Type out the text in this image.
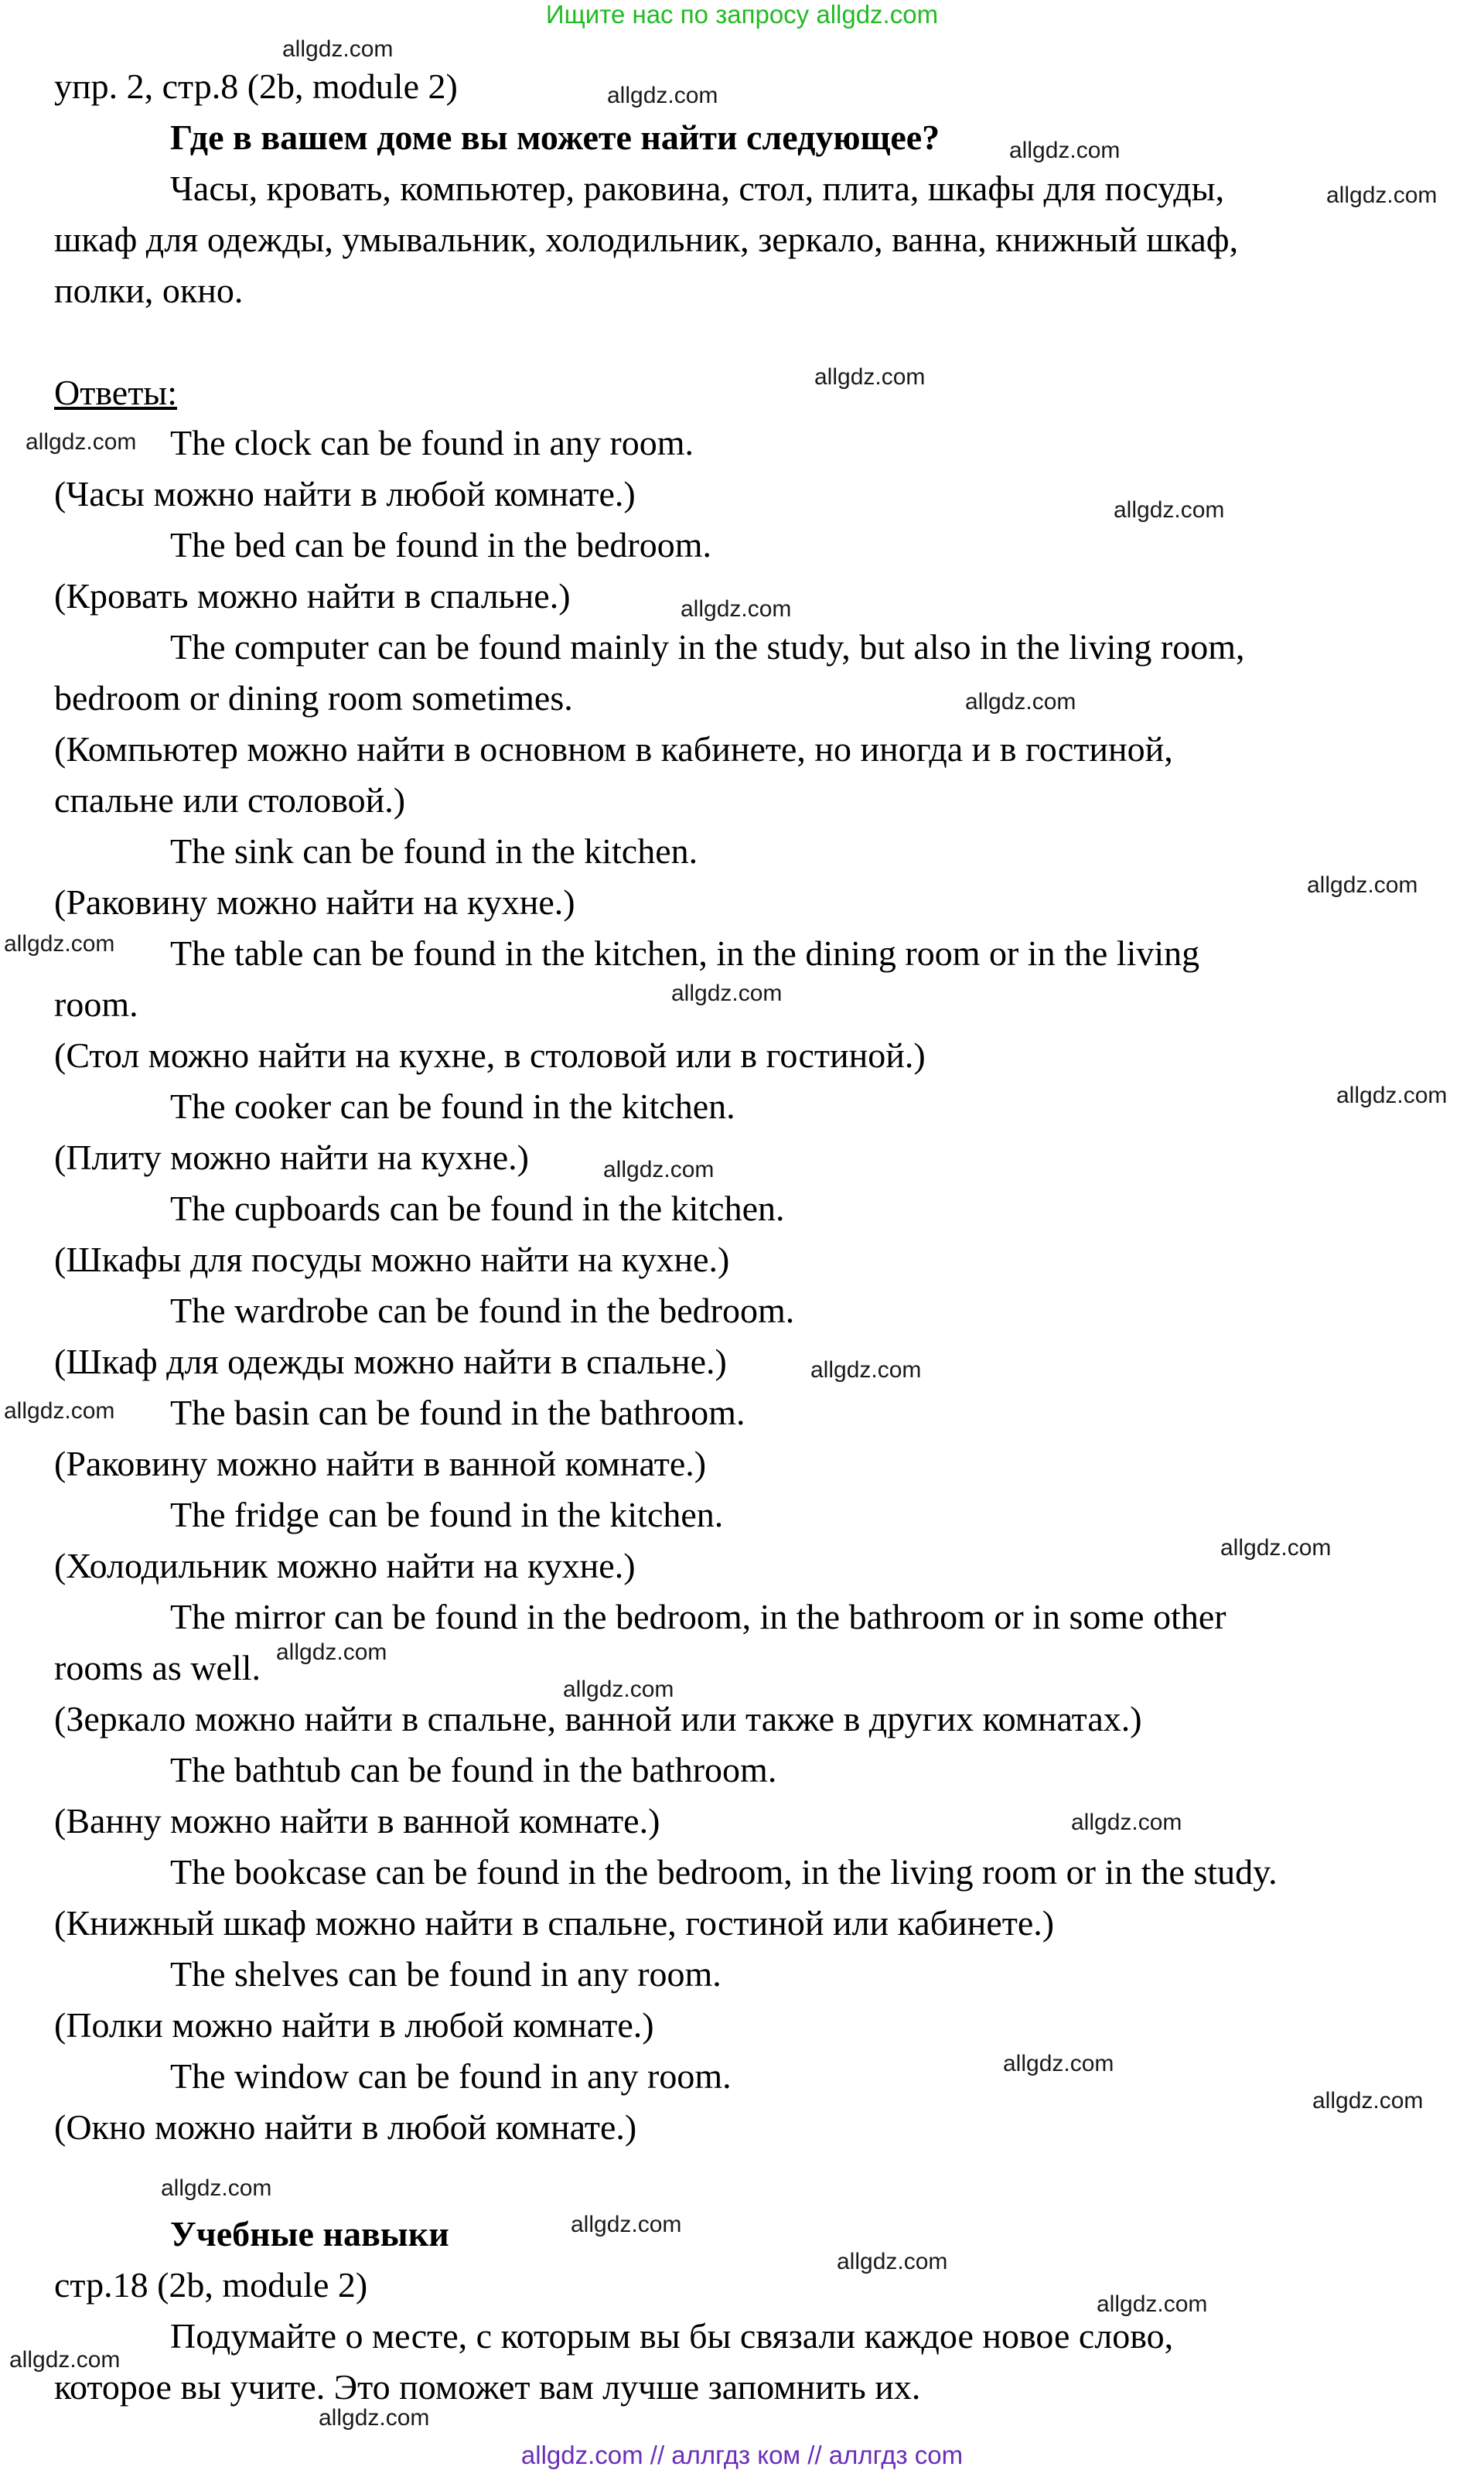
Ищите нас по запросу allgdz.com
упр. 2, стр.8 (2b, module 2)
Где в вашем доме вы можете найти следующее?
Часы, кровать, компьютер, раковина, стол, плита, шкафы для посуды,
шкаф для одежды, умывальник, холодильник, зеркало, ванна, книжный шкаф,
полки, окно.
Ответы:
The clock can be found in any room.
(Часы можно найти в любой комнате.)
The bed can be found in the bedroom.
(Кровать можно найти в спальне.)
The computer can be found mainly in the study, but also in the living room,
bedroom or dining room sometimes.
(Компьютер можно найти в основном в кабинете, но иногда и в гостиной,
спальне или столовой.)
The sink can be found in the kitchen.
(Раковину можно найти на кухне.)
The table can be found in the kitchen, in the dining room or in the living
room.
(Стол можно найти на кухне, в столовой или в гостиной.)
The cooker can be found in the kitchen.
(Плиту можно найти на кухне.)
The cupboards can be found in the kitchen.
(Шкафы для посуды можно найти на кухне.)
The wardrobe can be found in the bedroom.
(Шкаф для одежды можно найти в спальне.)
The basin can be found in the bathroom.
(Раковину можно найти в ванной комнате.)
The fridge can be found in the kitchen.
(Холодильник можно найти на кухне.)
The mirror can be found in the bedroom, in the bathroom or in some other
rooms as well.
(Зеркало можно найти в спальне, ванной или также в других комнатах.)
The bathtub can be found in the bathroom.
(Ванну можно найти в ванной комнате.)
The bookcase can be found in the bedroom, in the living room or in the study.
(Книжный шкаф можно найти в спальне, гостиной или кабинете.)
The shelves can be found in any room.
(Полки можно найти в любой комнате.)
The window can be found in any room.
(Окно можно найти в любой комнате.)
Учебные навыки
стр.18 (2b, module 2)
Подумайте о месте, с которым вы бы связали каждое новое слово,
которое вы учите. Это поможет вам лучше запомнить их.
allgdz.com
allgdz.com
allgdz.com
allgdz.com
allgdz.com
allgdz.com
allgdz.com
allgdz.com
allgdz.com
allgdz.com
allgdz.com
allgdz.com
allgdz.com
allgdz.com
allgdz.com
allgdz.com
allgdz.com
allgdz.com
allgdz.com
allgdz.com
allgdz.com
allgdz.com
allgdz.com
allgdz.com
allgdz.com
allgdz.com
allgdz.com
allgdz.com
allgdz.com // аллгдз ком // аллгдз com
